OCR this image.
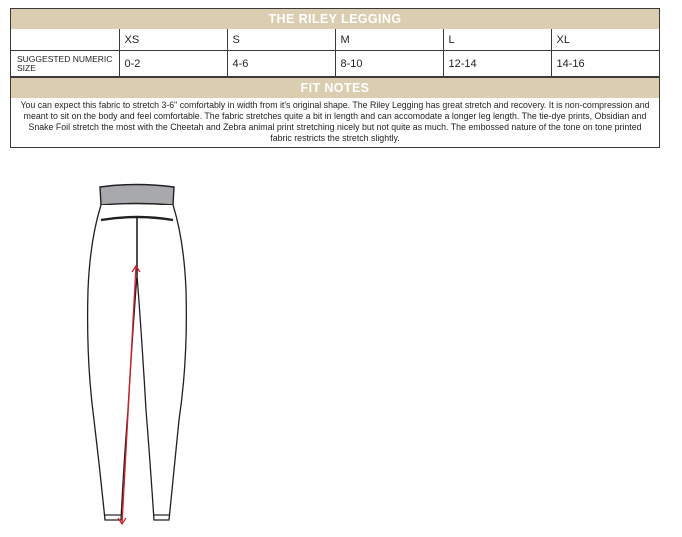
THE RILEY LEGGING
	XS	S	M	L	XL
SUGGESTED NUMERIC SIZE	0-2	4-6	8-10	12-14	14-16
FIT NOTES
You can expect this fabric to stretch 3-6" comfortably in width from it's original shape. The Riley Legging has great stretch and recovery. It is non-compression and meant to sit on the body and feel comfortable. The fabric stretches quite a bit in length and can accomodate a longer leg length. The tie-dye prints, Obsidian and Snake Foil stretch the most with the Cheetah and Zebra animal print stretching nicely but not quite as much. The embossed nature of the tone on tone printed fabric restricts the stretch slightly.
